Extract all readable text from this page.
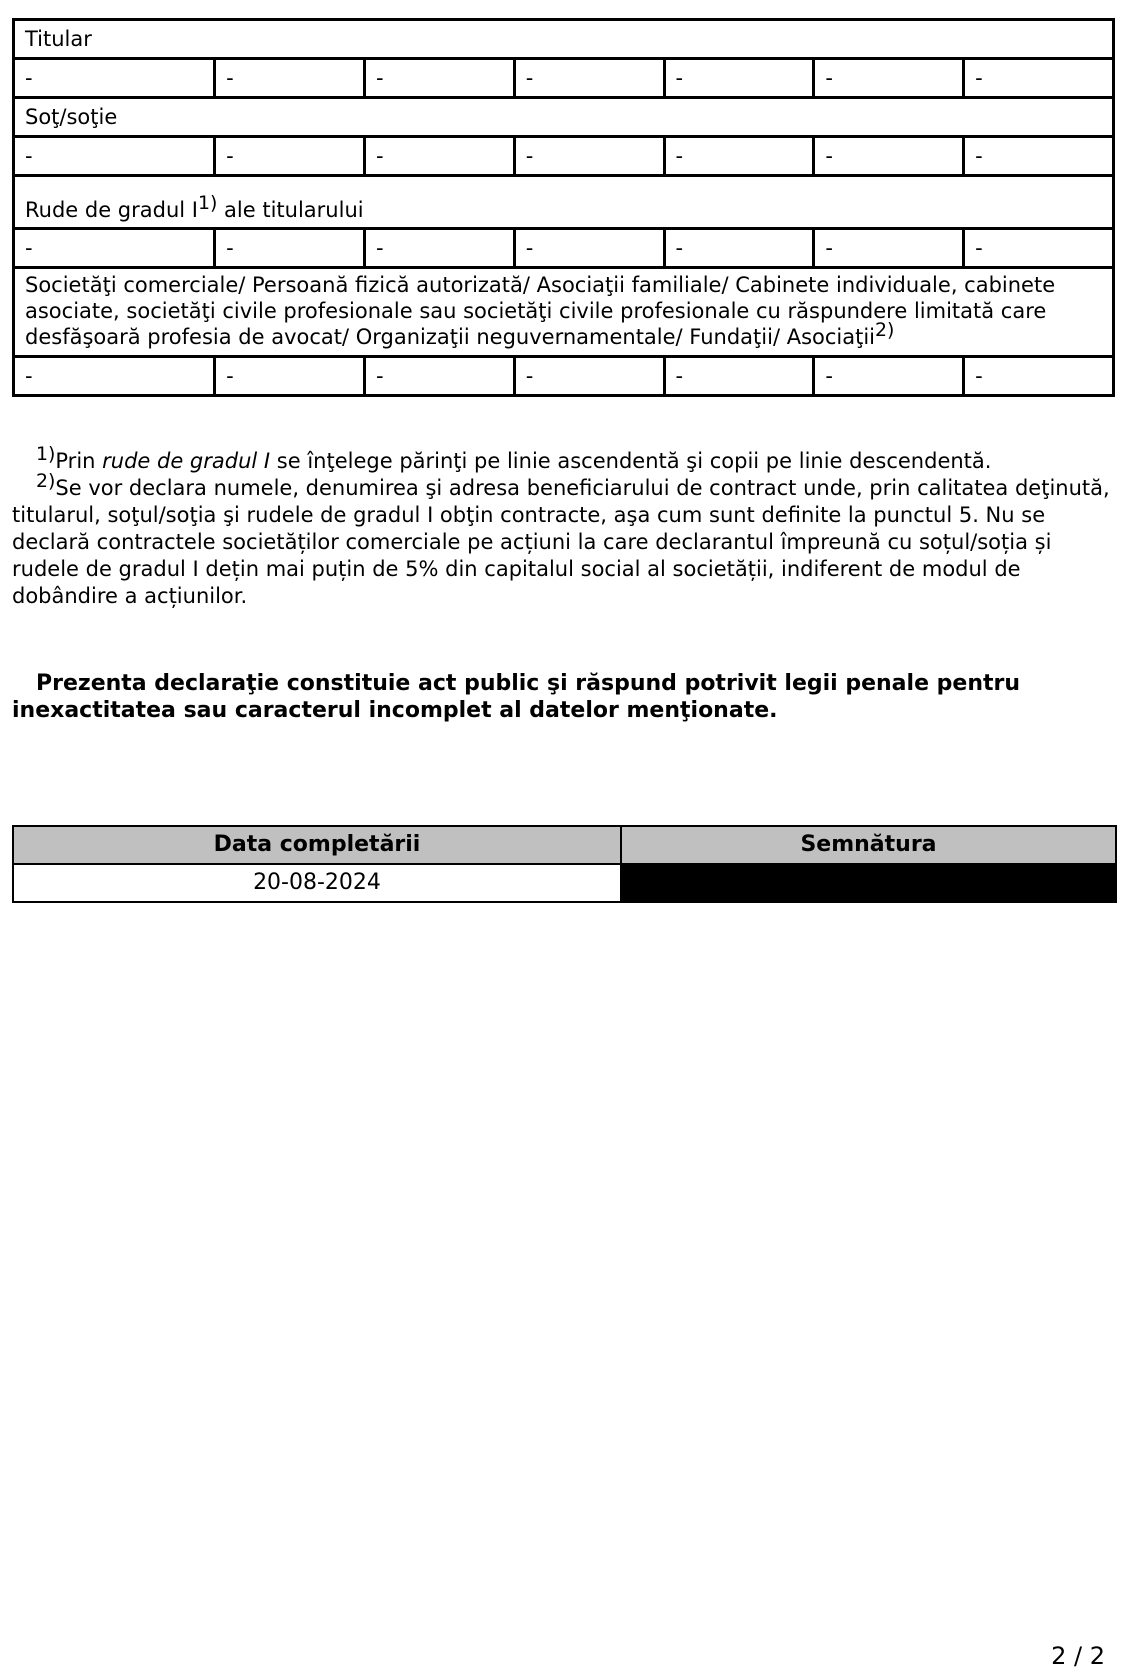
Titular						
-	-	-	-	-	-	-
Soţ/soţie						
-	-	-	-	-	-	-
Rude de gradul $I^{1)}$ ale titularului						
-	-	-	-	-	-	-
Societăţi comerciale/ Persoană fizică autorizată/ Asociaţii familiale/ Cabinete individuale, cabinete asociate, societăţi civile profesionale sau societăţi civile profesionale cu răspundere limitată care desfăşoară profesia de avocat/ Organizaţii neguvernamentale/ Fundaţii/ Asociaţii$^{2)}$
-	-	-	-	-	-	-

$^{1)}$Prin rude de gradul I se înţelege părinţi pe linie ascendentă şi copii pe linie descendentă.

$^{2)}$Se vor declara numele, denumirea şi adresa beneficiarului de contract unde, prin calitatea deţinută, titularul, soţul/soţia şi rudele de gradul I obţin contracte, aşa cum sunt definite la punctul 5. Nu se declară contractele societăților comerciale pe acțiuni la care declarantul împreună cu soțul/soția și rudele de gradul I dețin mai puțin de 5% din capitalul social al societății, indiferent de modul de dobândire a acțiunilor.

Prezenta declaraţie constituie act public şi răspund potrivit legii penale pentru inexactitatea sau caracterul incomplet al datelor menţionate.

Data completării	Semnătura
20-08-2024	
2 / 2
